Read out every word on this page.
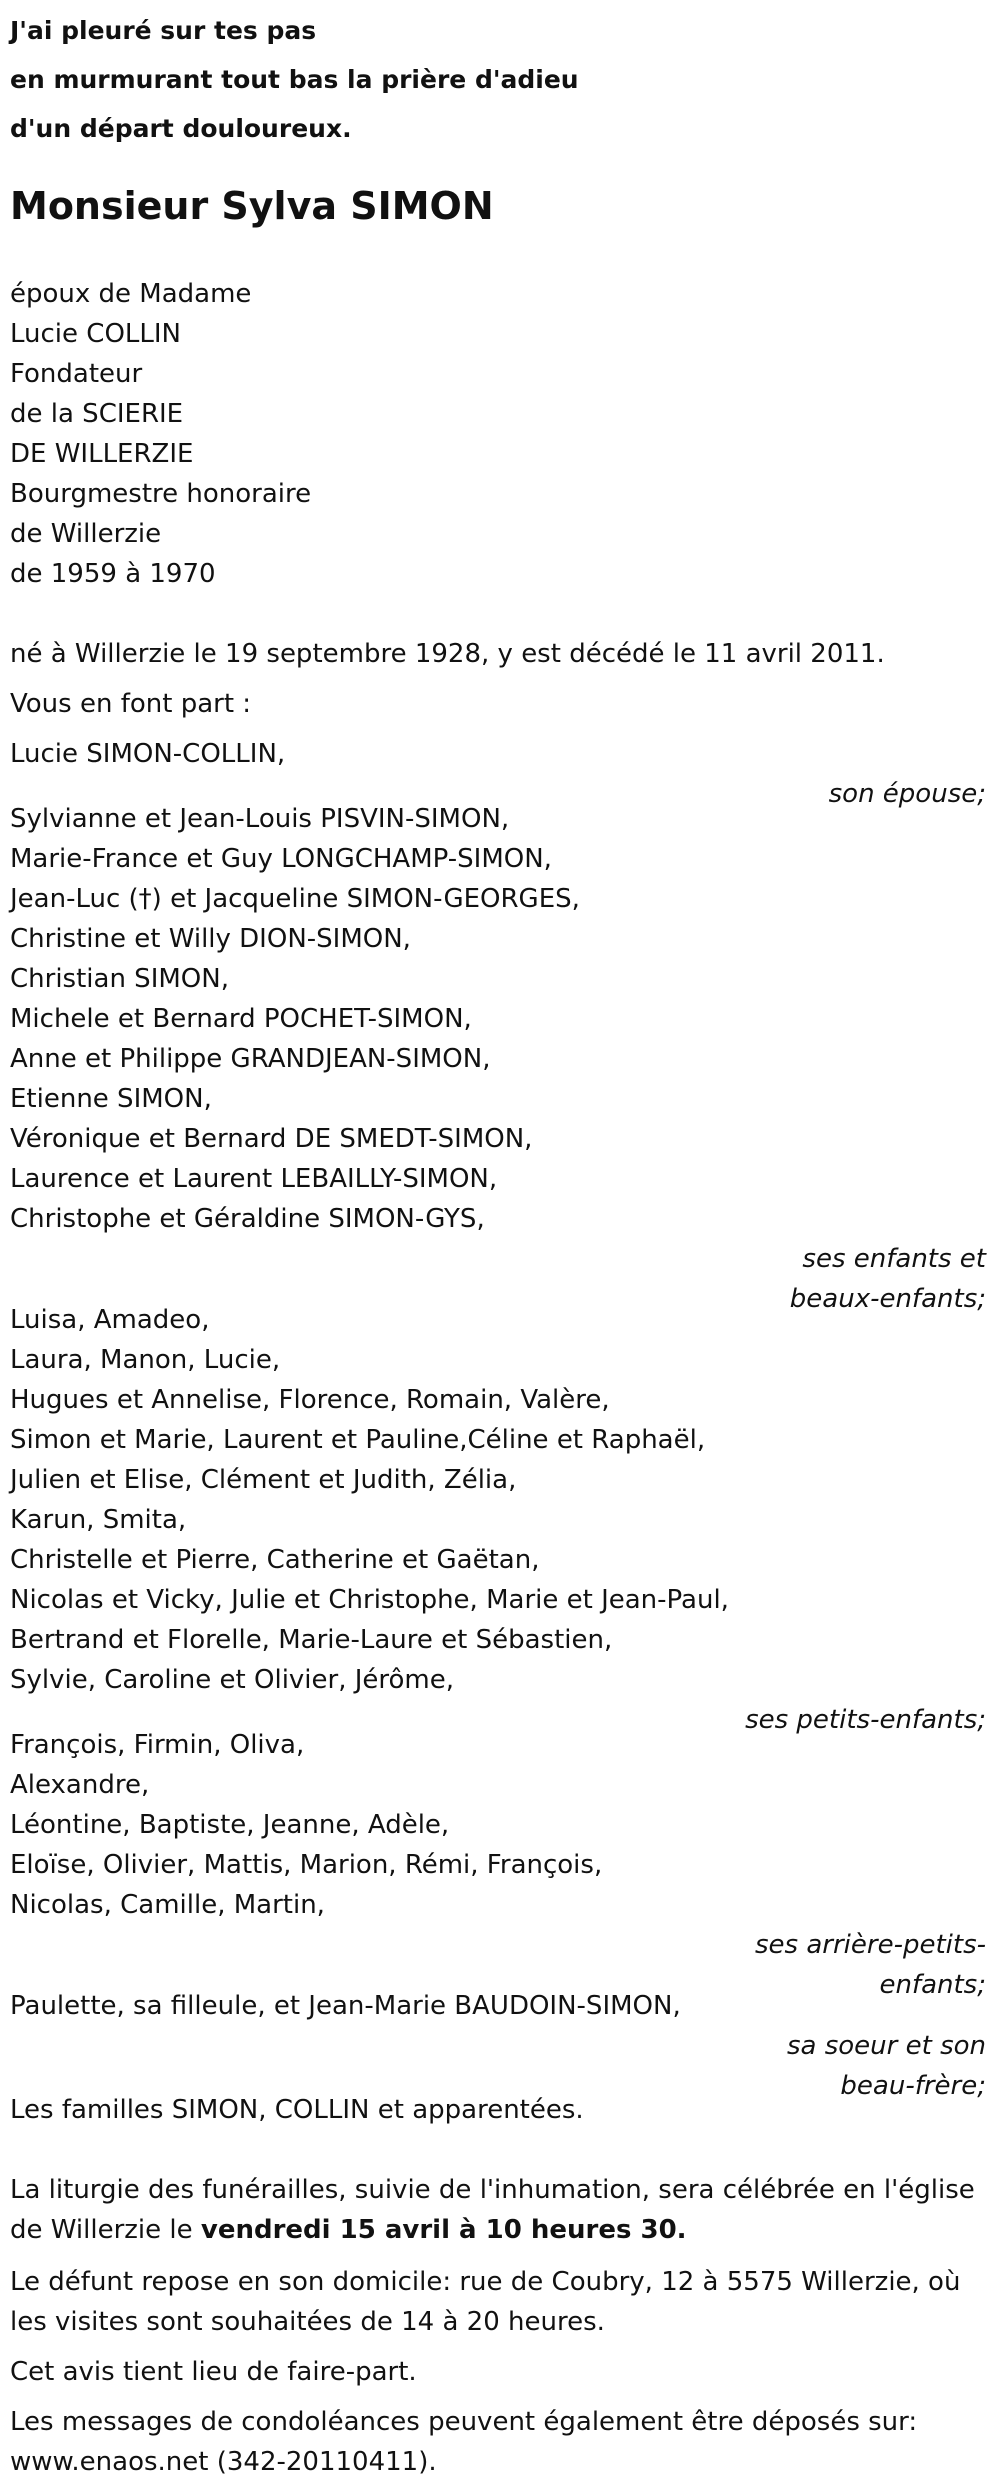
J'ai pleuré sur tes pas
en murmurant tout bas la prière d'adieu
d'un départ douloureux.
Monsieur Sylva SIMON
époux de Madame
Lucie COLLIN
Fondateur
de la SCIERIE
DE WILLERZIE
Bourgmestre honoraire
de Willerzie
de 1959 à 1970
né à Willerzie le 19 septembre 1928, y est décédé le 11 avril 2011.
Vous en font part :
Lucie SIMON-COLLIN,
son épouse;
Sylvianne et Jean-Louis PISVIN-SIMON,
Marie-France et Guy LONGCHAMP-SIMON,
Jean-Luc (†) et Jacqueline SIMON-GEORGES,
Christine et Willy DION-SIMON,
Christian SIMON,
Michele et Bernard POCHET-SIMON,
Anne et Philippe GRANDJEAN-SIMON,
Etienne SIMON,
Véronique et Bernard DE SMEDT-SIMON,
Laurence et Laurent LEBAILLY-SIMON,
Christophe et Géraldine SIMON-GYS,
ses enfants et
beaux-enfants;
Luisa, Amadeo,
Laura, Manon, Lucie,
Hugues et Annelise, Florence, Romain, Valère,
Simon et Marie, Laurent et Pauline,Céline et Raphaël,
Julien et Elise, Clément et Judith, Zélia,
Karun, Smita,
Christelle et Pierre, Catherine et Gaëtan,
Nicolas et Vicky, Julie et Christophe, Marie et Jean-Paul,
Bertrand et Florelle, Marie-Laure et Sébastien,
Sylvie, Caroline et Olivier, Jérôme,
ses petits-enfants;
François, Firmin, Oliva,
Alexandre,
Léontine, Baptiste, Jeanne, Adèle,
Eloïse, Olivier, Mattis, Marion, Rémi, François,
Nicolas, Camille, Martin,
ses arrière-petits-
enfants;
Paulette, sa filleule, et Jean-Marie BAUDOIN-SIMON,
sa soeur et son
beau-frère;
Les familles SIMON, COLLIN et apparentées.
La liturgie des funérailles, suivie de l'inhumation, sera célébrée en l'église
de Willerzie le vendredi 15 avril à 10 heures 30.
Le défunt repose en son domicile: rue de Coubry, 12 à 5575 Willerzie, où
les visites sont souhaitées de 14 à 20 heures.
Cet avis tient lieu de faire-part.
Les messages de condoléances peuvent également être déposés sur:
www.enaos.net (342-20110411).
